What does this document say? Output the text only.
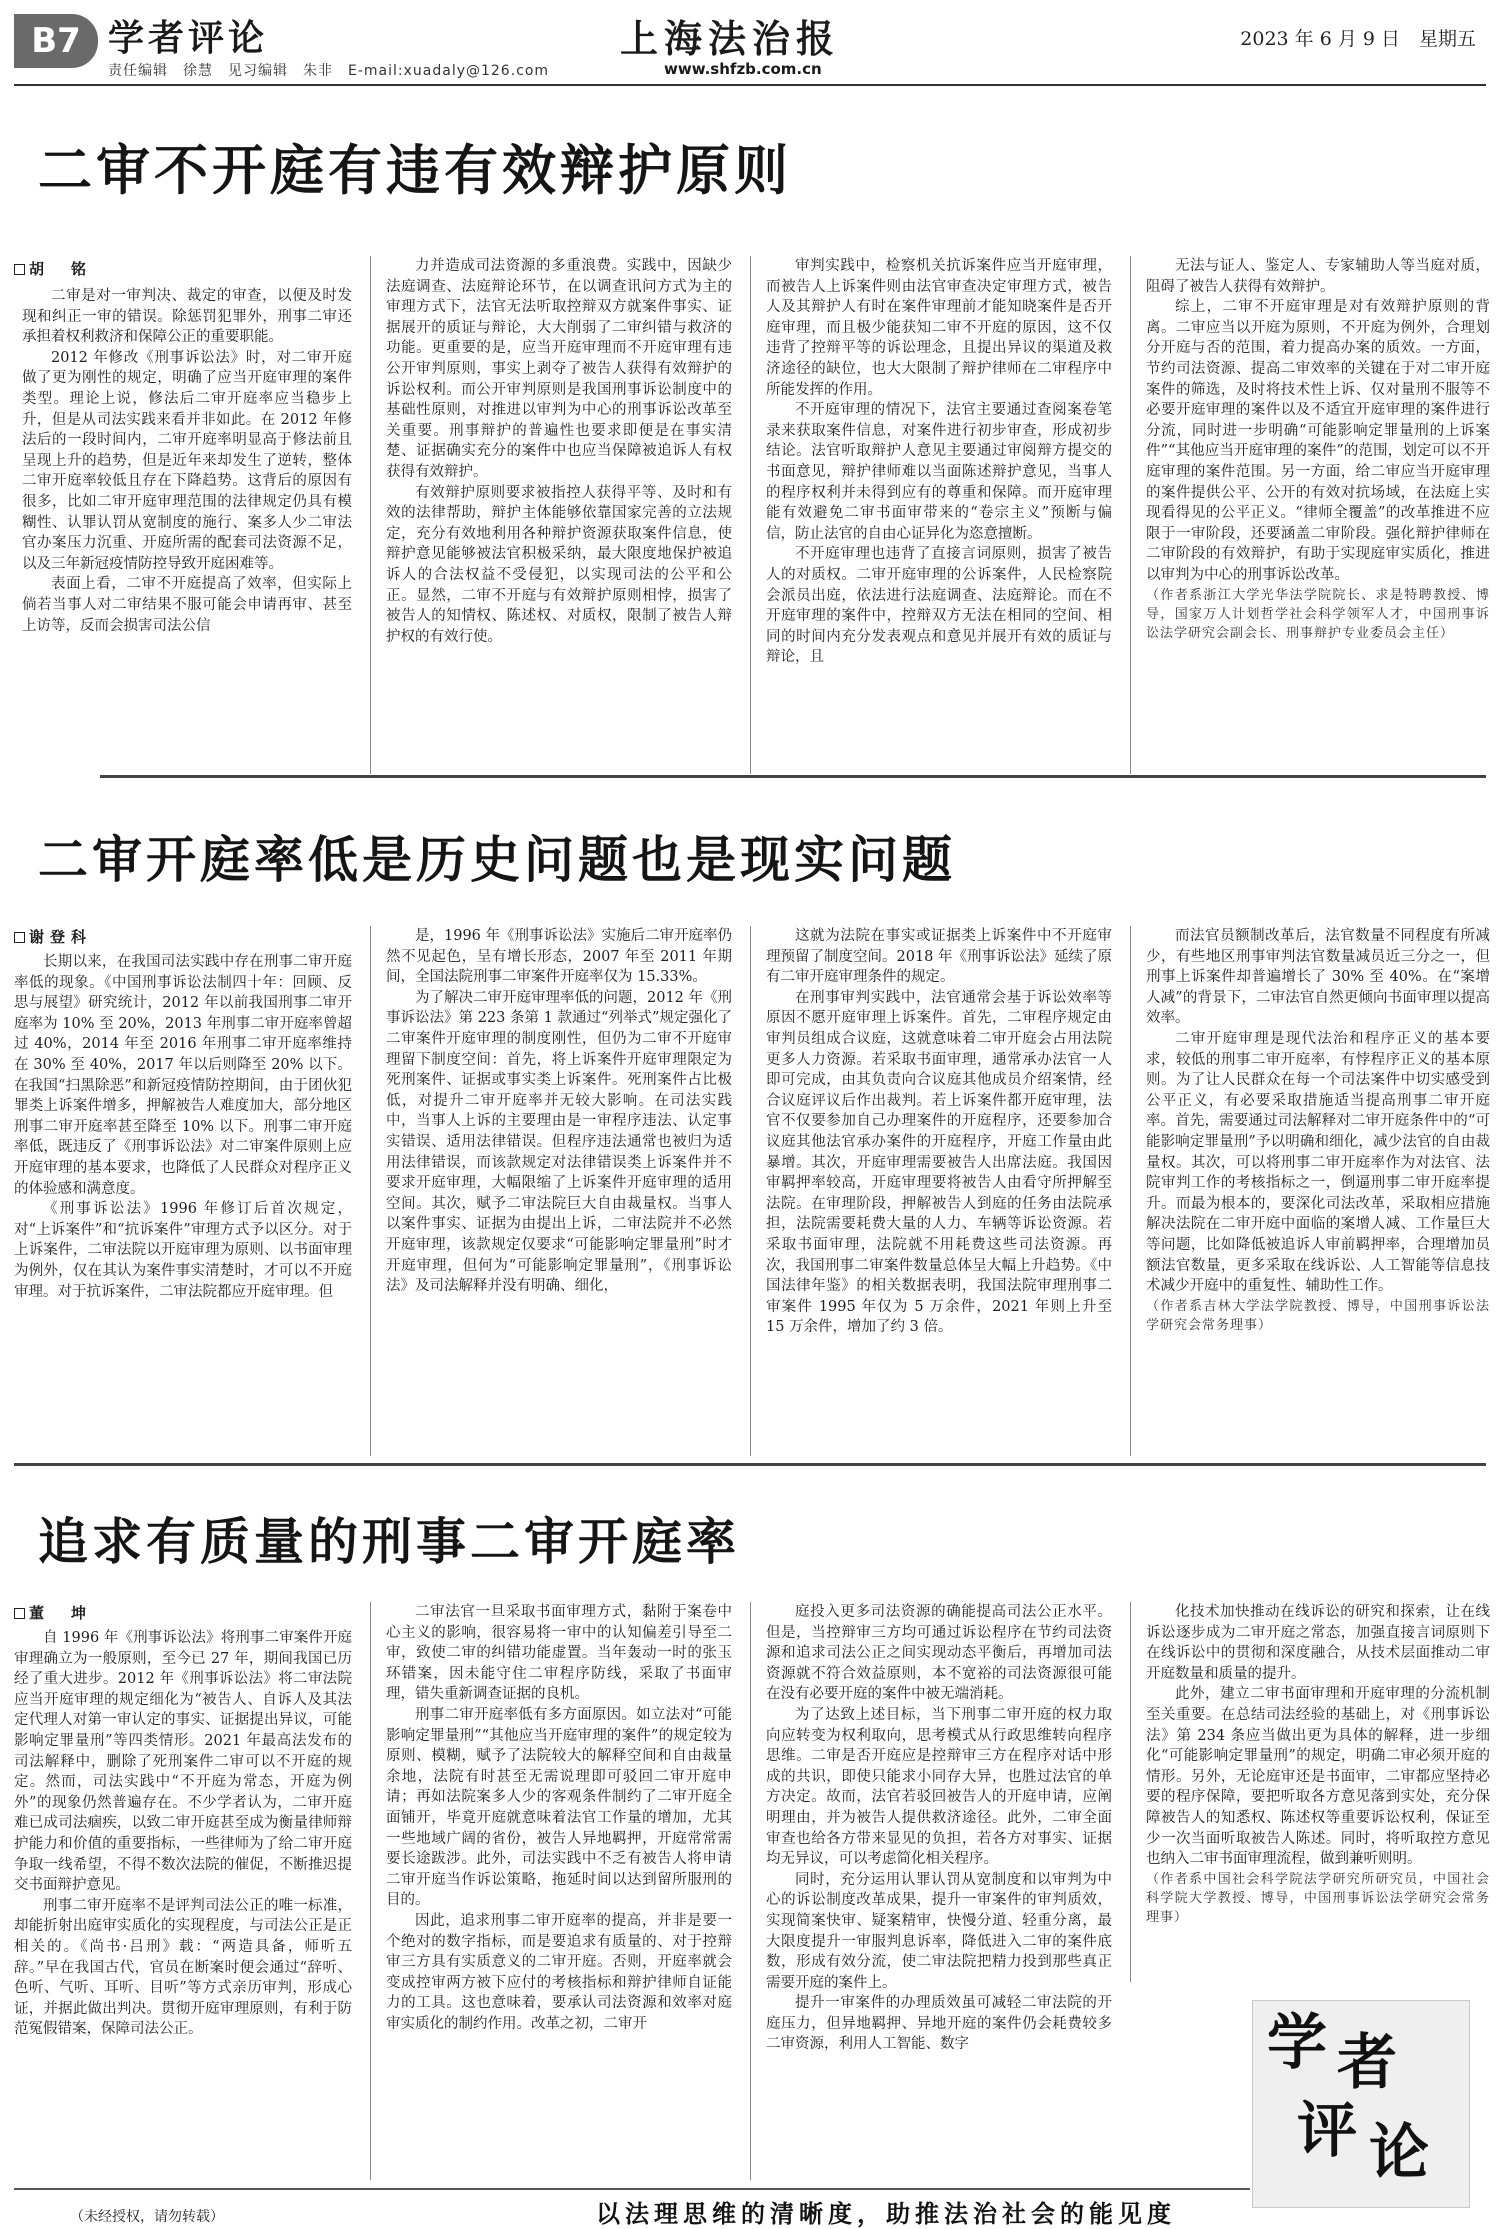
B7 学者评论
责任编辑　徐慧　见习编辑　朱非　E-mail:xuadaly@126.com
上海法治报
www.shfzb.com.cn
2023 年 6 月 9 日　星期五
二审不开庭有违有效辩护原则
胡　铭

二审是对一审判决、裁定的审查，以便及时发现和纠正一审的错误。除惩罚犯罪外，刑事二审还承担着权利救济和保障公正的重要职能。

2012 年修改《刑事诉讼法》时，对二审开庭做了更为刚性的规定，明确了应当开庭审理的案件类型。理论上说，修法后二审开庭率应当稳步上升，但是从司法实践来看并非如此。在 2012 年修法后的一段时间内，二审开庭率明显高于修法前且呈现上升的趋势，但是近年来却发生了逆转，整体二审开庭率较低且存在下降趋势。这背后的原因有很多，比如二审开庭审理范围的法律规定仍具有模糊性、认罪认罚从宽制度的施行、案多人少二审法官办案压力沉重、开庭所需的配套司法资源不足，以及三年新冠疫情防控导致开庭困难等。

表面上看，二审不开庭提高了效率，但实际上倘若当事人对二审结果不服可能会申请再审、甚至上访等，反而会损害司法公信

力并造成司法资源的多重浪费。实践中，因缺少法庭调查、法庭辩论环节，在以调查讯问方式为主的审理方式下，法官无法听取控辩双方就案件事实、证据展开的质证与辩论，大大削弱了二审纠错与救济的功能。更重要的是，应当开庭审理而不开庭审理有违公开审判原则，事实上剥夺了被告人获得有效辩护的诉讼权利。而公开审判原则是我国刑事诉讼制度中的基础性原则，对推进以审判为中心的刑事诉讼改革至关重要。刑事辩护的普遍性也要求即便是在事实清楚、证据确实充分的案件中也应当保障被追诉人有权获得有效辩护。

有效辩护原则要求被指控人获得平等、及时和有效的法律帮助，辩护主体能够依靠国家完善的立法规定，充分有效地利用各种辩护资源获取案件信息，使辩护意见能够被法官积极采纳，最大限度地保护被追诉人的合法权益不受侵犯，以实现司法的公平和公正。显然，二审不开庭与有效辩护原则相悖，损害了被告人的知情权、陈述权、对质权，限制了被告人辩护权的有效行使。

审判实践中，检察机关抗诉案件应当开庭审理，而被告人上诉案件则由法官审查决定审理方式，被告人及其辩护人有时在案件审理前才能知晓案件是否开庭审理，而且极少能获知二审不开庭的原因，这不仅违背了控辩平等的诉讼理念，且提出异议的渠道及救济途径的缺位，也大大限制了辩护律师在二审程序中所能发挥的作用。

不开庭审理的情况下，法官主要通过查阅案卷笔录来获取案件信息，对案件进行初步审查，形成初步结论。法官听取辩护人意见主要通过审阅辩方提交的书面意见，辩护律师难以当面陈述辩护意见，当事人的程序权利并未得到应有的尊重和保障。而开庭审理能有效避免二审书面审带来的“卷宗主义”预断与偏信，防止法官的自由心证异化为恣意擅断。

不开庭审理也违背了直接言词原则，损害了被告人的对质权。二审开庭审理的公诉案件，人民检察院会派员出庭，依法进行法庭调查、法庭辩论。而在不开庭审理的案件中，控辩双方无法在相同的空间、相同的时间内充分发表观点和意见并展开有效的质证与辩论，且

无法与证人、鉴定人、专家辅助人等当庭对质，阻碍了被告人获得有效辩护。

综上，二审不开庭审理是对有效辩护原则的背离。二审应当以开庭为原则，不开庭为例外，合理划分开庭与否的范围，着力提高办案的质效。一方面，节约司法资源、提高二审效率的关键在于对二审开庭案件的筛选，及时将技术性上诉、仅对量刑不服等不必要开庭审理的案件以及不适宜开庭审理的案件进行分流，同时进一步明确“可能影响定罪量刑的上诉案件”“其他应当开庭审理的案件”的范围，划定可以不开庭审理的案件范围。另一方面，给二审应当开庭审理的案件提供公平、公开的有效对抗场域，在法庭上实现看得见的公平正义。“律师全覆盖”的改革推进不应限于一审阶段，还要涵盖二审阶段。强化辩护律师在二审阶段的有效辩护，有助于实现庭审实质化，推进以审判为中心的刑事诉讼改革。

（作者系浙江大学光华法学院院长、求是特聘教授、博导，国家万人计划哲学社会科学领军人才，中国刑事诉讼法学研究会副会长、刑事辩护专业委员会主任）

二审开庭率低是历史问题也是现实问题
谢登科

长期以来，在我国司法实践中存在刑事二审开庭率低的现象。《中国刑事诉讼法制四十年：回顾、反思与展望》研究统计，2012 年以前我国刑事二审开庭率为 10% 至 20%，2013 年刑事二审开庭率曾超过 40%，2014 年至 2016 年刑事二审开庭率维持在 30% 至 40%，2017 年以后则降至 20% 以下。在我国“扫黑除恶”和新冠疫情防控期间，由于团伙犯罪类上诉案件增多，押解被告人难度加大，部分地区刑事二审开庭率甚至降至 10% 以下。刑事二审开庭率低，既违反了《刑事诉讼法》对二审案件原则上应开庭审理的基本要求，也降低了人民群众对程序正义的体验感和满意度。

《刑事诉讼法》1996 年修订后首次规定，对“上诉案件”和“抗诉案件”审理方式予以区分。对于上诉案件，二审法院以开庭审理为原则、以书面审理为例外，仅在其认为案件事实清楚时，才可以不开庭审理。对于抗诉案件，二审法院都应开庭审理。但

是，1996 年《刑事诉讼法》实施后二审开庭率仍然不见起色，呈有增长形态，2007 年至 2011 年期间，全国法院刑事二审案件开庭率仅为 15.33%。

为了解决二审开庭审理率低的问题，2012 年《刑事诉讼法》第 223 条第 1 款通过“列举式”规定强化了二审案件开庭审理的制度刚性，但仍为二审不开庭审理留下制度空间：首先，将上诉案件开庭审理限定为死刑案件、证据或事实类上诉案件。死刑案件占比极低，对提升二审开庭率并无较大影响。在司法实践中，当事人上诉的主要理由是一审程序违法、认定事实错误、适用法律错误。但程序违法通常也被归为适用法律错误，而该款规定对法律错误类上诉案件并不要求开庭审理，大幅限缩了上诉案件开庭审理的适用空间。其次，赋予二审法院巨大自由裁量权。当事人以案件事实、证据为由提出上诉，二审法院并不必然开庭审理，该款规定仅要求“可能影响定罪量刑”时才开庭审理，但何为“可能影响定罪量刑”，《刑事诉讼法》及司法解释并没有明确、细化，

这就为法院在事实或证据类上诉案件中不开庭审理预留了制度空间。2018 年《刑事诉讼法》延续了原有二审开庭审理条件的规定。

在刑事审判实践中，法官通常会基于诉讼效率等原因不愿开庭审理上诉案件。首先，二审程序规定由审判员组成合议庭，这就意味着二审开庭会占用法院更多人力资源。若采取书面审理，通常承办法官一人即可完成，由其负责向合议庭其他成员介绍案情，经合议庭评议后作出裁判。若上诉案件都开庭审理，法官不仅要参加自己办理案件的开庭程序，还要参加合议庭其他法官承办案件的开庭程序，开庭工作量由此暴增。其次，开庭审理需要被告人出席法庭。我国因审羁押率较高，开庭审理要将被告人由看守所押解至法院。在审理阶段，押解被告人到庭的任务由法院承担，法院需要耗费大量的人力、车辆等诉讼资源。若采取书面审理，法院就不用耗费这些司法资源。再次，我国刑事二审案件数量总体呈大幅上升趋势。《中国法律年鉴》的相关数据表明，我国法院审理刑事二审案件 1995 年仅为 5 万余件，2021 年则上升至 15 万余件，增加了约 3 倍。

而法官员额制改革后，法官数量不同程度有所减少，有些地区刑事审判法官数量减员近三分之一，但刑事上诉案件却普遍增长了 30% 至 40%。在“案增人减”的背景下，二审法官自然更倾向书面审理以提高效率。

二审开庭审理是现代法治和程序正义的基本要求，较低的刑事二审开庭率，有悖程序正义的基本原则。为了让人民群众在每一个司法案件中切实感受到公平正义，有必要采取措施适当提高刑事二审开庭率。首先，需要通过司法解释对二审开庭条件中的“可能影响定罪量刑”予以明确和细化，减少法官的自由裁量权。其次，可以将刑事二审开庭率作为对法官、法院审判工作的考核指标之一，倒逼刑事二审开庭率提升。而最为根本的，要深化司法改革，采取相应措施解决法院在二审开庭中面临的案增人减、工作量巨大等问题，比如降低被追诉人审前羁押率，合理增加员额法官数量，更多采取在线诉讼、人工智能等信息技术减少开庭中的重复性、辅助性工作。

（作者系吉林大学法学院教授、博导，中国刑事诉讼法学研究会常务理事）

追求有质量的刑事二审开庭率
董　坤

自 1996 年《刑事诉讼法》将刑事二审案件开庭审理确立为一般原则，至今已 27 年，期间我国已历经了重大进步。2012 年《刑事诉讼法》将二审法院应当开庭审理的规定细化为“被告人、自诉人及其法定代理人对第一审认定的事实、证据提出异议，可能影响定罪量刑”等四类情形。2021 年最高法发布的司法解释中，删除了死刑案件二审可以不开庭的规定。然而，司法实践中“不开庭为常态，开庭为例外”的现象仍然普遍存在。不少学者认为，二审开庭难已成司法痼疾，以致二审开庭甚至成为衡量律师辩护能力和价值的重要指标，一些律师为了给二审开庭争取一线希望，不得不数次法院的催促，不断推迟提交书面辩护意见。

刑事二审开庭率不是评判司法公正的唯一标准，却能折射出庭审实质化的实现程度，与司法公正是正相关的。《尚书·吕刑》载：“两造具备，师听五辞。”早在我国古代，官员在断案时便会通过“辞听、色听、气听、耳听、目听”等方式亲历审判，形成心证，并据此做出判决。贯彻开庭审理原则，有利于防范冤假错案，保障司法公正。

二审法官一旦采取书面审理方式，黏附于案卷中心主义的影响，很容易将一审中的认知偏差引导至二审，致使二审的纠错功能虚置。当年轰动一时的张玉环错案，因未能守住二审程序防线，采取了书面审理，错失重新调查证据的良机。

刑事二审开庭率低有多方面原因。如立法对“可能影响定罪量刑”“其他应当开庭审理的案件”的规定较为原则、模糊，赋予了法院较大的解释空间和自由裁量余地，法院有时甚至无需说理即可驳回二审开庭申请；再如法院案多人少的客观条件制约了二审开庭全面铺开，毕竟开庭就意味着法官工作量的增加，尤其一些地域广阔的省份，被告人异地羁押，开庭常常需要长途跋涉。此外，司法实践中不乏有被告人将申请二审开庭当作诉讼策略，拖延时间以达到留所服刑的目的。

因此，追求刑事二审开庭率的提高，并非是要一个绝对的数字指标，而是要追求有质量的、对于控辩审三方具有实质意义的二审开庭。否则，开庭率就会变成控审两方被下应付的考核指标和辩护律师自证能力的工具。这也意味着，要承认司法资源和效率对庭审实质化的制约作用。改革之初，二审开

庭投入更多司法资源的确能提高司法公正水平。但是，当控辩审三方均可通过诉讼程序在节约司法资源和追求司法公正之间实现动态平衡后，再增加司法资源就不符合效益原则，本不宽裕的司法资源很可能在没有必要开庭的案件中被无端消耗。

为了达致上述目标，当下刑事二审开庭的权力取向应转变为权利取向，思考模式从行政思维转向程序思维。二审是否开庭应是控辩审三方在程序对话中形成的共识，即使只能求小同存大异，也胜过法官的单方决定。故而，法官若驳回被告人的开庭申请，应阐明理由，并为被告人提供救济途径。此外，二审全面审查也给各方带来显见的负担，若各方对事实、证据均无异议，可以考虑简化相关程序。

同时，充分运用认罪认罚从宽制度和以审判为中心的诉讼制度改革成果，提升一审案件的审判质效，实现简案快审、疑案精审，快慢分道、轻重分离，最大限度提升一审服判息诉率，降低进入二审的案件底数，形成有效分流，使二审法院把精力投到那些真正需要开庭的案件上。

提升一审案件的办理质效虽可减轻二审法院的开庭压力，但异地羁押、异地开庭的案件仍会耗费较多二审资源，利用人工智能、数字

化技术加快推动在线诉讼的研究和探索，让在线诉讼逐步成为二审开庭之常态，加强直接言词原则下在线诉讼中的贯彻和深度融合，从技术层面推动二审开庭数量和质量的提升。

此外，建立二审书面审理和开庭审理的分流机制至关重要。在总结司法经验的基础上，对《刑事诉讼法》第 234 条应当做出更为具体的解释，进一步细化“可能影响定罪量刑”的规定，明确二审必须开庭的情形。另外，无论庭审还是书面审，二审都应坚持必要的程序保障，要把听取各方意见落到实处，充分保障被告人的知悉权、陈述权等重要诉讼权利，保证至少一次当面听取被告人陈述。同时，将听取控方意见也纳入二审书面审理流程，做到兼听则明。

（作者系中国社会科学院法学研究所研究员，中国社会科学院大学教授、博导，中国刑事诉讼法学研究会常务理事）

学 者
评 论
（未经授权，请勿转载）	以法理思维的清晰度，助推法治社会的能见度
